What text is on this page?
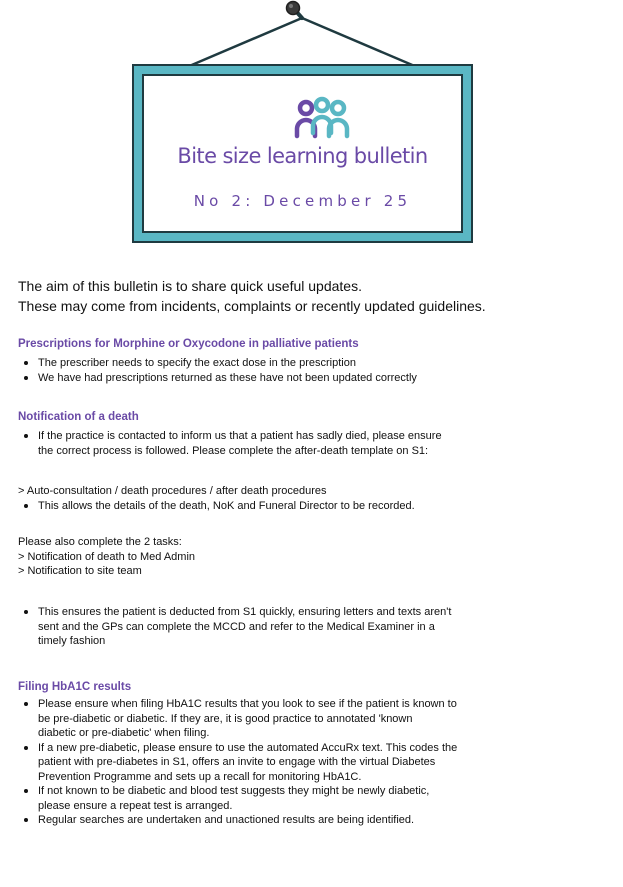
Bite size learning bulletin
No 2: December 25
The aim of this bulletin is to share quick useful updates.
These may come from incidents, complaints or recently updated guidelines.
Prescriptions for Morphine or Oxycodone in palliative patients
The prescriber needs to specify the exact dose in the prescription
We have had prescriptions returned as these have not been updated correctly
Notification of a death
If the practice is contacted to inform us that a patient has sadly died, please ensure
the correct process is followed. Please complete the after-death template on S1:
> Auto-consultation / death procedures / after death procedures
This allows the details of the death, NoK and Funeral Director to be recorded.
Please also complete the 2 tasks:
> Notification of death to Med Admin
> Notification to site team
This ensures the patient is deducted from S1 quickly, ensuring letters and texts aren't
sent and the GPs can complete the MCCD and refer to the Medical Examiner in a
timely fashion
Filing HbA1C results
Please ensure when filing HbA1C results that you look to see if the patient is known to
be pre-diabetic or diabetic. If they are, it is good practice to annotated 'known
diabetic or pre-diabetic' when filing.
If a new pre-diabetic, please ensure to use the automated AccuRx text. This codes the
patient with pre-diabetes in S1, offers an invite to engage with the virtual Diabetes
Prevention Programme and sets up a recall for monitoring HbA1C.
If not known to be diabetic and blood test suggests they might be newly diabetic,
please ensure a repeat test is arranged.
Regular searches are undertaken and unactioned results are being identified.
